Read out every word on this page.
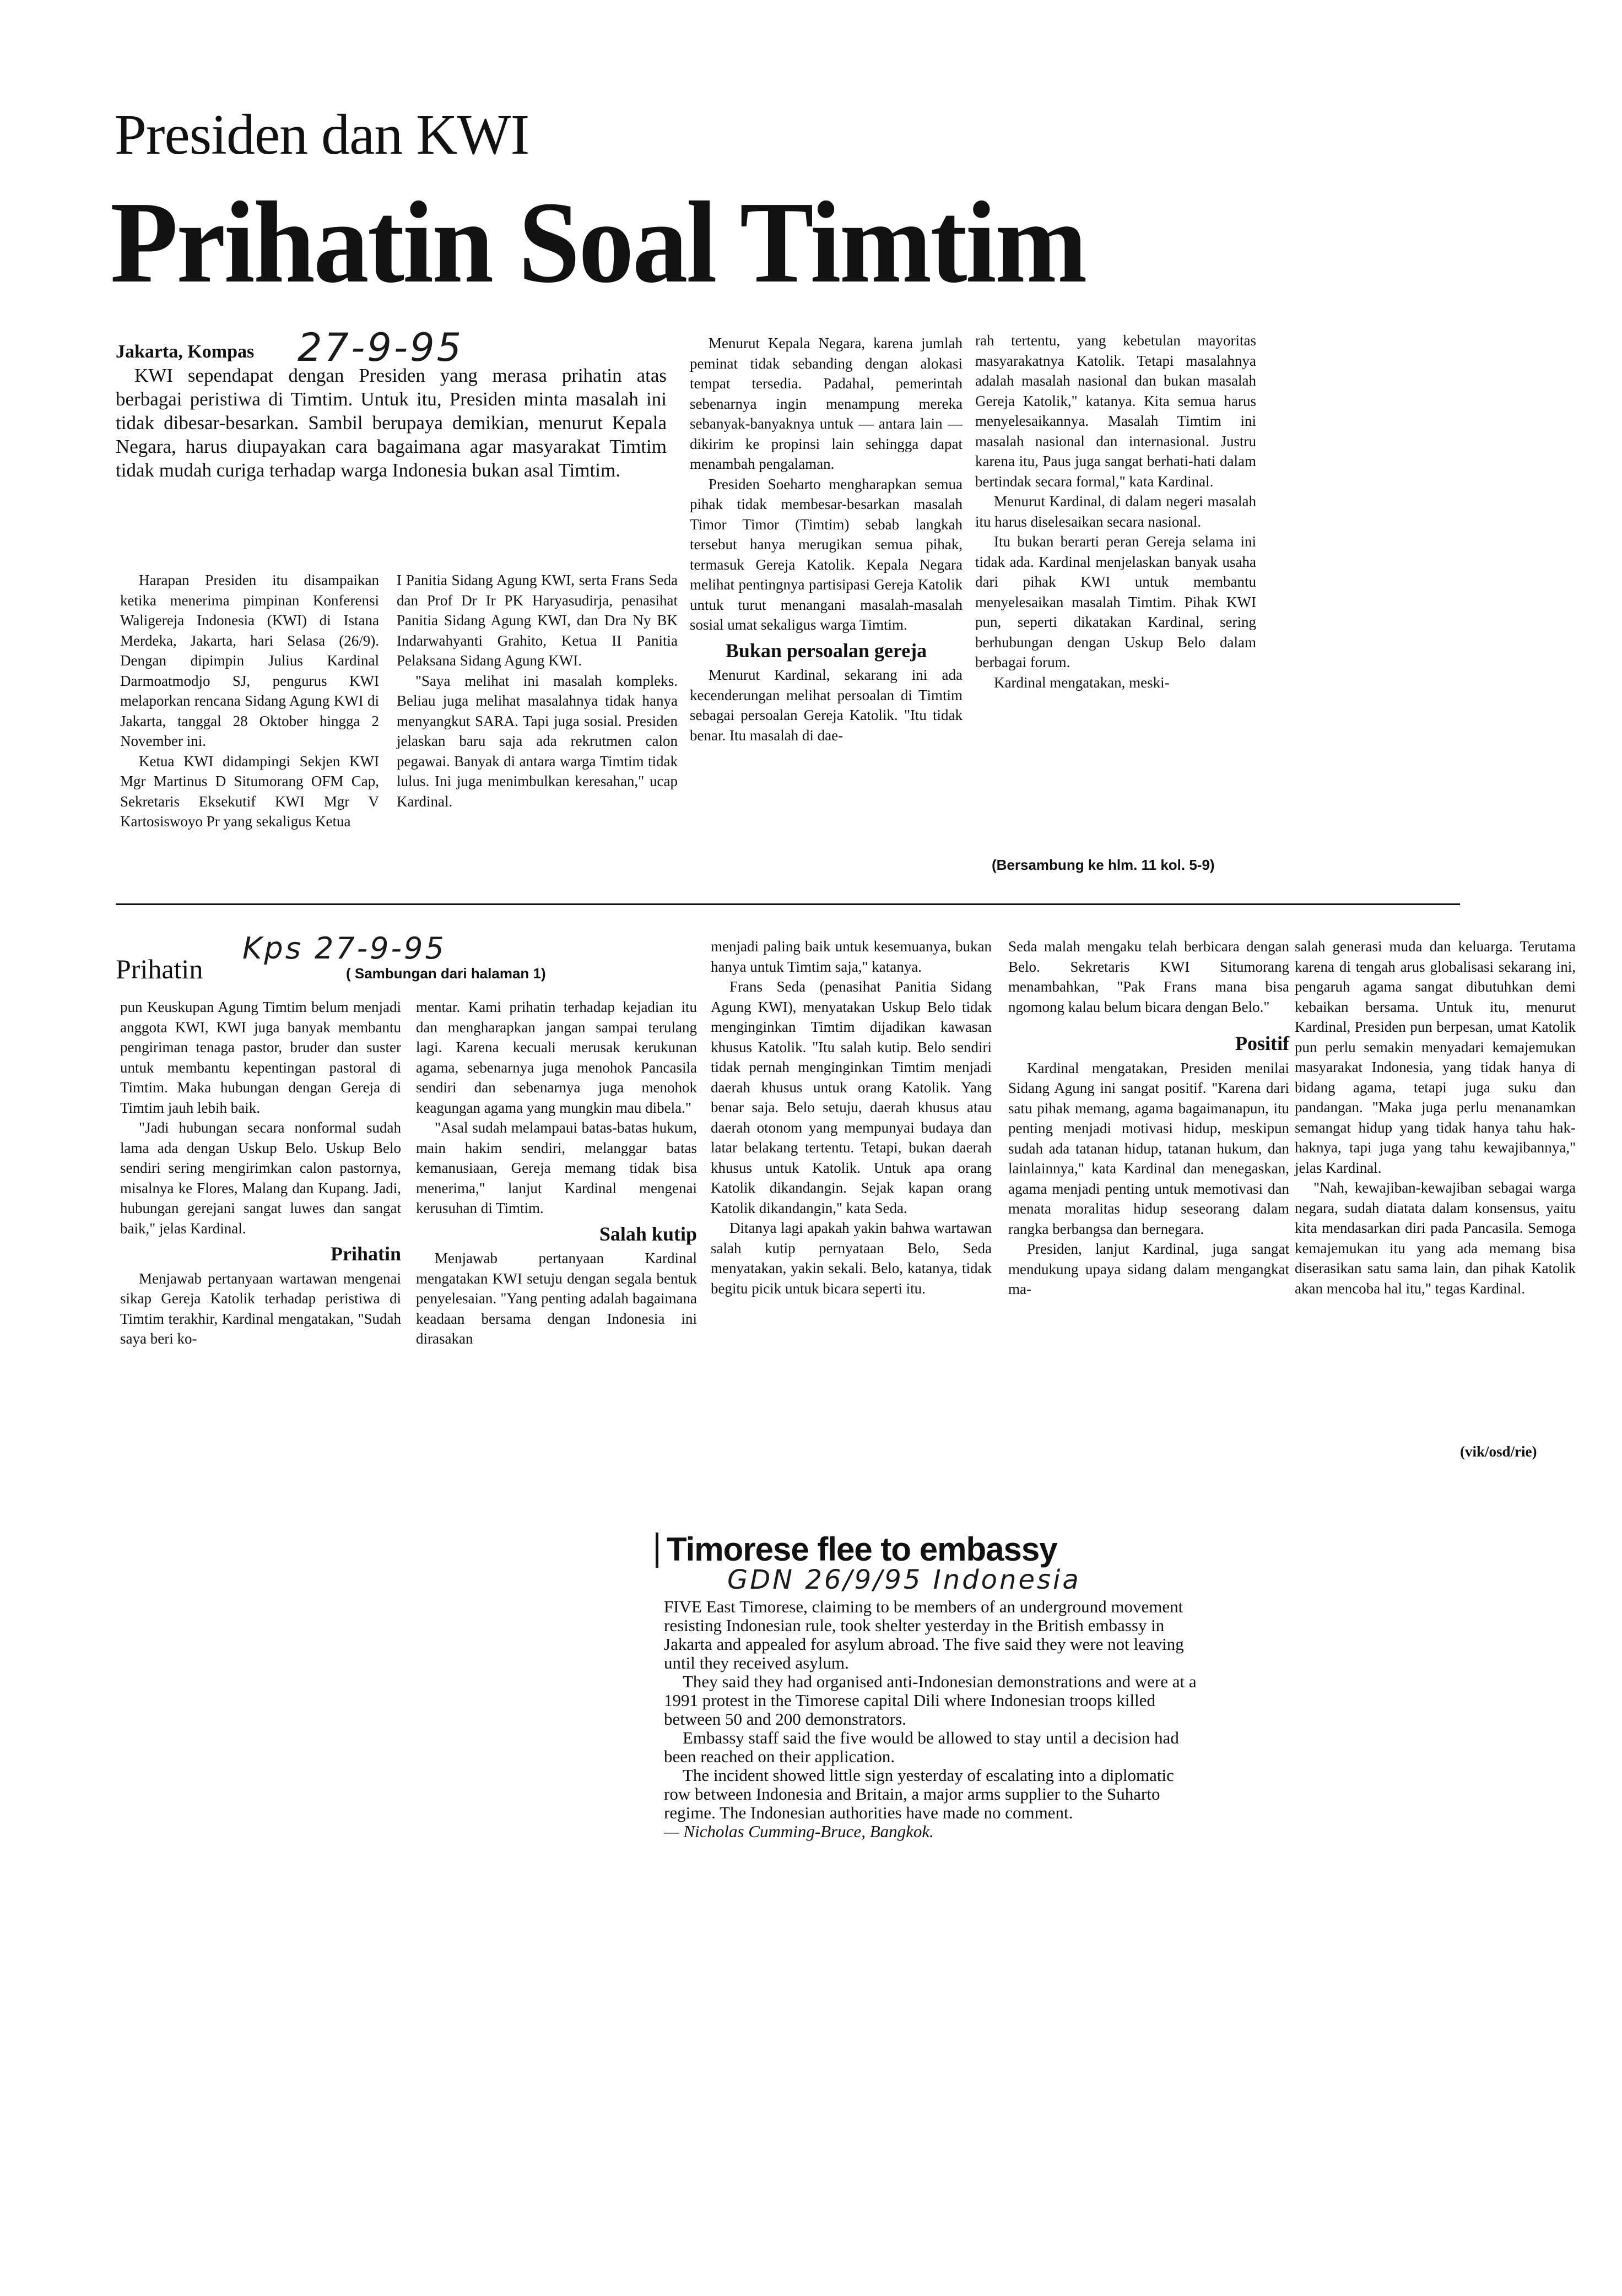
Presiden dan KWI
Prihatin Soal Timtim
Jakarta, Kompas 27-9-95

KWI sependapat dengan Presiden yang merasa prihatin atas berbagai peristiwa di Timtim. Untuk itu, Presiden minta masalah ini tidak dibesar-besarkan. Sambil berupaya demikian, menurut Kepala Negara, harus diupayakan cara bagaimana agar masyarakat Timtim tidak mudah curiga terhadap warga Indonesia bukan asal Timtim.

Harapan Presiden itu disampaikan ketika menerima pimpinan Konferensi Waligereja Indonesia (KWI) di Istana Merdeka, Jakarta, hari Selasa (26/9). Dengan dipimpin Julius Kardinal Darmoatmodjo SJ, pengurus KWI melaporkan rencana Sidang Agung KWI di Jakarta, tanggal 28 Oktober hingga 2 November ini.

Ketua KWI didampingi Sekjen KWI Mgr Martinus D Situmorang OFM Cap, Sekretaris Eksekutif KWI Mgr V Kartosiswoyo Pr yang sekaligus Ketua

I Panitia Sidang Agung KWI, serta Frans Seda dan Prof Dr Ir PK Haryasudirja, penasihat Panitia Sidang Agung KWI, dan Dra Ny BK Indarwahyanti Grahito, Ketua II Panitia Pelaksana Sidang Agung KWI.

"Saya melihat ini masalah kompleks. Beliau juga melihat masalahnya tidak hanya menyangkut SARA. Tapi juga sosial. Presiden jelaskan baru saja ada rekrutmen calon pegawai. Banyak di antara warga Timtim tidak lulus. Ini juga menimbulkan keresahan," ucap Kardinal.

Menurut Kepala Negara, karena jumlah peminat tidak sebanding dengan alokasi tempat tersedia. Padahal, pemerintah sebenarnya ingin menampung mereka sebanyak-banyaknya untuk — antara lain — dikirim ke propinsi lain sehingga dapat menambah pengalaman.

Presiden Soeharto mengharapkan semua pihak tidak membesar-besarkan masalah Timor Timor (Timtim) sebab langkah tersebut hanya merugikan semua pihak, termasuk Gereja Katolik. Kepala Negara melihat pentingnya partisipasi Gereja Katolik untuk turut menangani masalah-masalah sosial umat sekaligus warga Timtim.

Bukan persoalan gereja

Menurut Kardinal, sekarang ini ada kecenderungan melihat persoalan di Timtim sebagai persoalan Gereja Katolik. "Itu tidak benar. Itu masalah di dae-

rah tertentu, yang kebetulan mayoritas masyarakatnya Katolik. Tetapi masalahnya adalah masalah nasional dan bukan masalah Gereja Katolik," katanya. Kita semua harus menyelesaikannya. Masalah Timtim ini masalah nasional dan internasional. Justru karena itu, Paus juga sangat berhati-hati dalam bertindak secara formal," kata Kardinal.

Menurut Kardinal, di dalam negeri masalah itu harus diselesaikan secara nasional.

Itu bukan berarti peran Gereja selama ini tidak ada. Kardinal menjelaskan banyak usaha dari pihak KWI untuk membantu menyelesaikan masalah Timtim. Pihak KWI pun, seperti dikatakan Kardinal, sering berhubungan dengan Uskup Belo dalam berbagai forum.

Kardinal mengatakan, meski-

(Bersambung ke hlm. 11 kol. 5-9)
Prihatin
Kps 27-9-95
( Sambungan dari halaman 1)

pun Keuskupan Agung Timtim belum menjadi anggota KWI, KWI juga banyak membantu pengiriman tenaga pastor, bruder dan suster untuk membantu kepentingan pastoral di Timtim. Maka hubungan dengan Gereja di Timtim jauh lebih baik.

"Jadi hubungan secara nonformal sudah lama ada dengan Uskup Belo. Uskup Belo sendiri sering mengirimkan calon pastornya, misalnya ke Flores, Malang dan Kupang. Jadi, hubungan gerejani sangat luwes dan sangat baik," jelas Kardinal.

Prihatin

Menjawab pertanyaan wartawan mengenai sikap Gereja Katolik terhadap peristiwa di Timtim terakhir, Kardinal mengatakan, "Sudah saya beri ko-

mentar. Kami prihatin terhadap kejadian itu dan mengharapkan jangan sampai terulang lagi. Karena kecuali merusak kerukunan agama, sebenarnya juga menohok Pancasila sendiri dan sebenarnya juga menohok keagungan agama yang mungkin mau dibela."

"Asal sudah melampaui batas-batas hukum, main hakim sendiri, melanggar batas kemanusiaan, Gereja memang tidak bisa menerima," lanjut Kardinal mengenai kerusuhan di Timtim.

Salah kutip

Menjawab pertanyaan Kardinal mengatakan KWI setuju dengan segala bentuk penyelesaian. "Yang penting adalah bagaimana keadaan bersama dengan Indonesia ini dirasakan

menjadi paling baik untuk kesemuanya, bukan hanya untuk Timtim saja," katanya.

Frans Seda (penasihat Panitia Sidang Agung KWI), menyatakan Uskup Belo tidak menginginkan Timtim dijadikan kawasan khusus Katolik. "Itu salah kutip. Belo sendiri tidak pernah menginginkan Timtim menjadi daerah khusus untuk orang Katolik. Yang benar saja. Belo setuju, daerah khusus atau daerah otonom yang mempunyai budaya dan latar belakang tertentu. Tetapi, bukan daerah khusus untuk Katolik. Untuk apa orang Katolik dikandangin. Sejak kapan orang Katolik dikandangin," kata Seda.

Ditanya lagi apakah yakin bahwa wartawan salah kutip pernyataan Belo, Seda menyatakan, yakin sekali. Belo, katanya, tidak begitu picik untuk bicara seperti itu.

Seda malah mengaku telah berbicara dengan Belo. Sekretaris KWI Situmorang menambahkan, "Pak Frans mana bisa ngomong kalau belum bicara dengan Belo."

Positif

Kardinal mengatakan, Presiden menilai Sidang Agung ini sangat positif. "Karena dari satu pihak memang, agama bagaimanapun, itu penting menjadi motivasi hidup, meskipun sudah ada tatanan hidup, tatanan hukum, dan lainlainnya," kata Kardinal dan menegaskan, agama menjadi penting untuk memotivasi dan menata moralitas hidup seseorang dalam rangka berbangsa dan bernegara.

Presiden, lanjut Kardinal, juga sangat mendukung upaya sidang dalam mengangkat ma-

salah generasi muda dan keluarga. Terutama karena di tengah arus globalisasi sekarang ini, pengaruh agama sangat dibutuhkan demi kebaikan bersama. Untuk itu, menurut Kardinal, Presiden pun berpesan, umat Katolik pun perlu semakin menyadari kemajemukan masyarakat Indonesia, yang tidak hanya di bidang agama, tetapi juga suku dan pandangan. "Maka juga perlu menanamkan semangat hidup yang tidak hanya tahu hak-haknya, tapi juga yang tahu kewajibannya," jelas Kardinal.

"Nah, kewajiban-kewajiban sebagai warga negara, sudah diatata dalam konsensus, yaitu kita mendasarkan diri pada Pancasila. Semoga kemajemukan itu yang ada memang bisa diserasikan satu sama lain, dan pihak Katolik akan mencoba hal itu," tegas Kardinal.

(vik/osd/rie)
Timorese flee to embassy
GDN 26/9/95 Indonesia

FIVE East Timorese, claiming to be members of an underground movement resisting Indonesian rule, took shelter yesterday in the British embassy in Jakarta and appealed for asylum abroad. The five said they were not leaving until they received asylum.

They said they had organised anti-Indonesian demonstrations and were at a 1991 protest in the Timorese capital Dili where Indonesian troops killed between 50 and 200 demonstrators.

Embassy staff said the five would be allowed to stay until a decision had been reached on their application.

The incident showed little sign yesterday of escalating into a diplomatic row between Indonesia and Britain, a major arms supplier to the Suharto regime. The Indonesian authorities have made no comment.

— Nicholas Cumming-Bruce, Bangkok.
